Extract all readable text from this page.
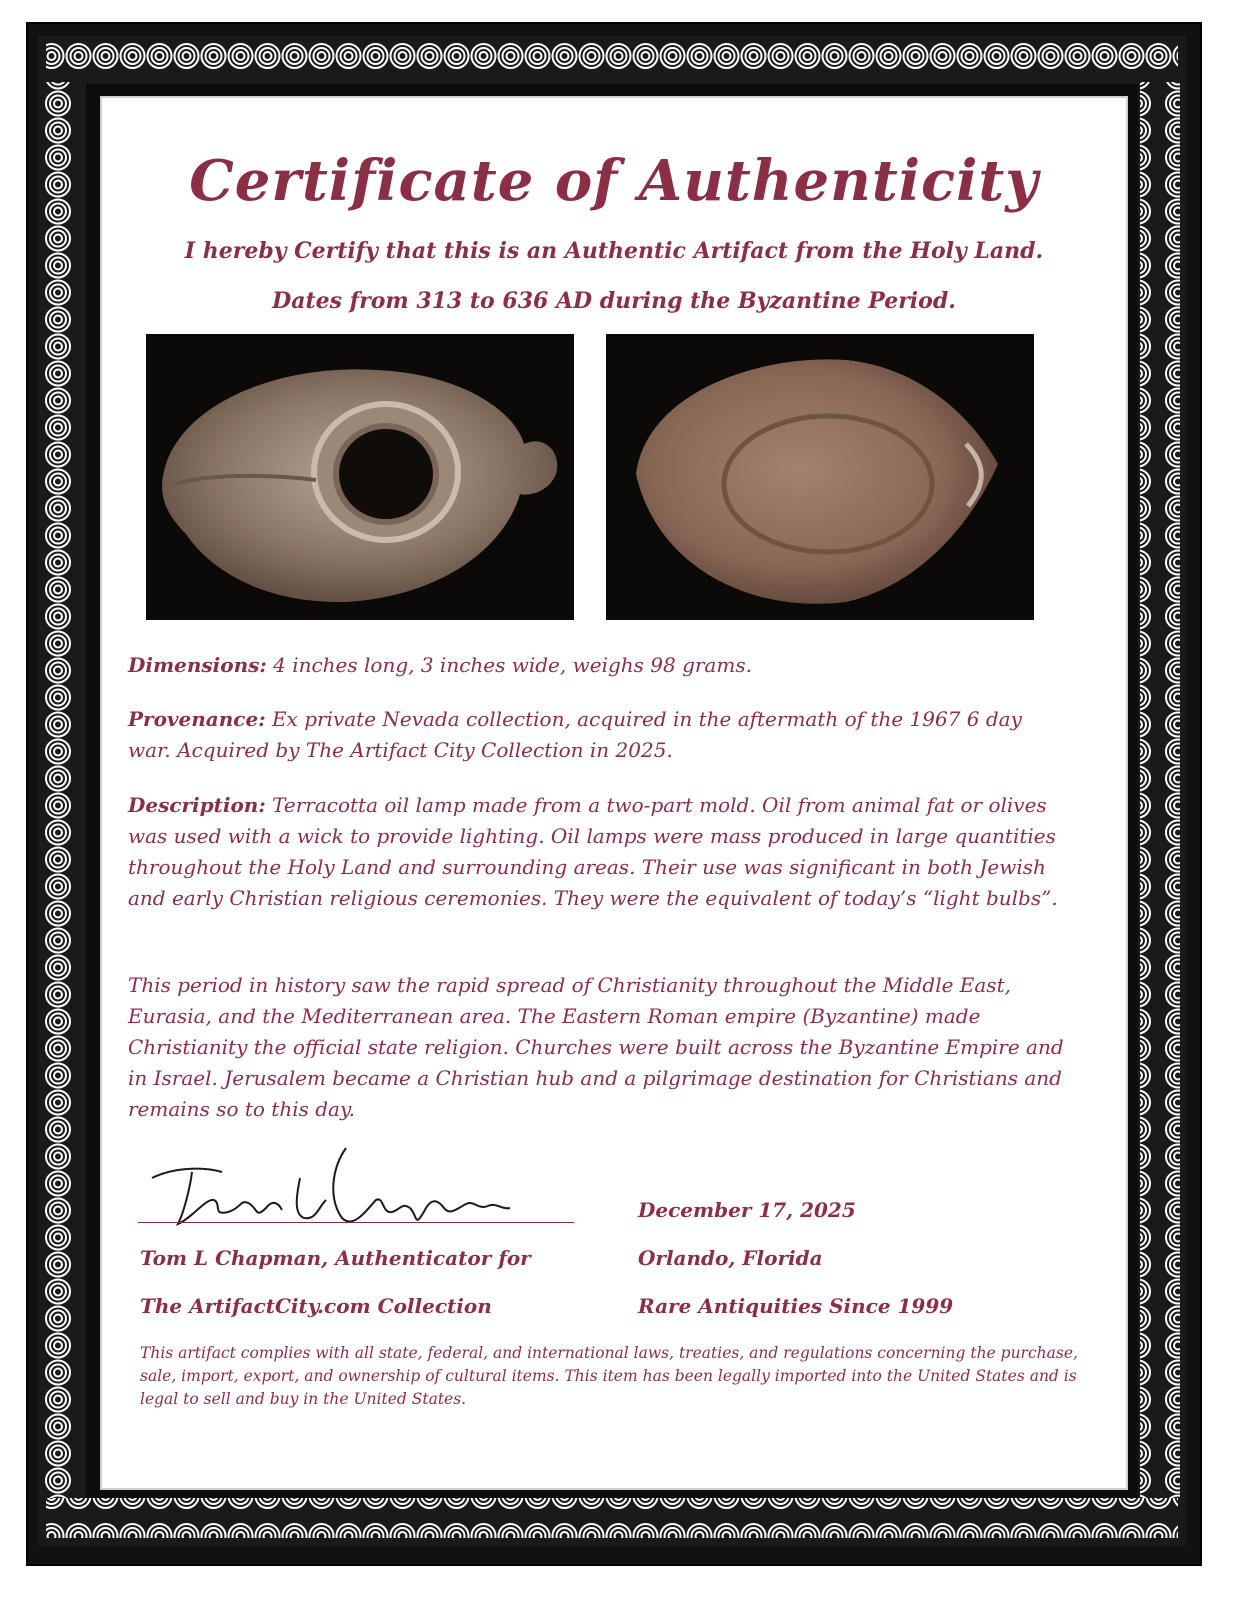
Certificate of Authenticity
I hereby Certify that this is an Authentic Artifact from the Holy Land.
Dates from 313 to 636 AD during the Byzantine Period.
Dimensions: 4 inches long, 3 inches wide, weighs 98 grams.
Provenance: Ex private Nevada collection, acquired in the aftermath of the 1967 6 day war. Acquired by The Artifact City Collection in 2025.
Description: Terracotta oil lamp made from a two-part mold. Oil from animal fat or olives was used with a wick to provide lighting. Oil lamps were mass produced in large quantities throughout the Holy Land and surrounding areas. Their use was significant in both Jewish and early Christian religious ceremonies. They were the equivalent of today’s “light bulbs”.
This period in history saw the rapid spread of Christianity throughout the Middle East, Eurasia, and the Mediterranean area. The Eastern Roman empire (Byzantine) made Christianity the official state religion. Churches were built across the Byzantine Empire and in Israel. Jerusalem became a Christian hub and a pilgrimage destination for Christians and remains so to this day.
Tom L Chapman, Authenticator for
The ArtifactCity.com Collection
December 17, 2025
Orlando, Florida
Rare Antiquities Since 1999
This artifact complies with all state, federal, and international laws, treaties, and regulations concerning the purchase, sale, import, export, and ownership of cultural items. This item has been legally imported into the United States and is legal to sell and buy in the United States.
